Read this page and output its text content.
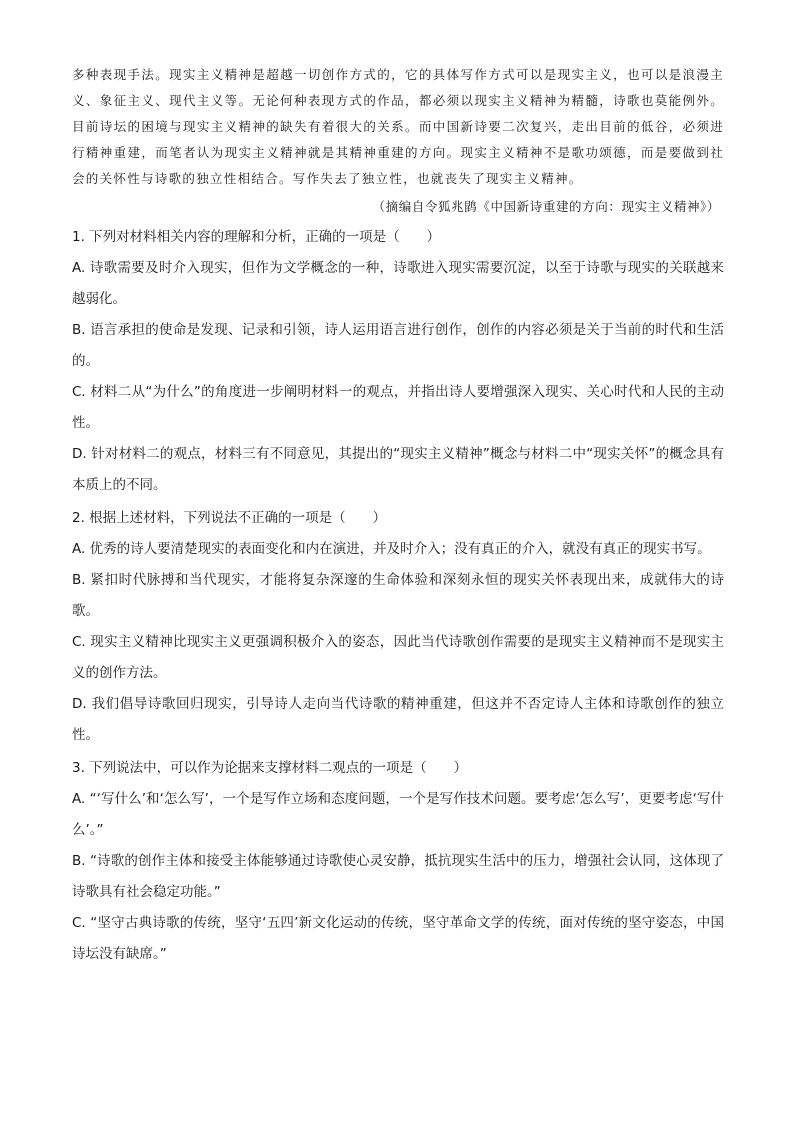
多种表现手法。现实主义精神是超越一切创作方式的，它的具体写作方式可以是现实主义，也可以是浪漫主义、象征主义、现代主义等。无论何种表现方式的作品，都必须以现实主义精神为精髓，诗歌也莫能例外。目前诗坛的困境与现实主义精神的缺失有着很大的关系。而中国新诗要二次复兴，走出目前的低谷，必须进行精神重建，而笔者认为现实主义精神就是其精神重建的方向。现实主义精神不是歌功颂德，而是要做到社会的关怀性与诗歌的独立性相结合。写作失去了独立性，也就丧失了现实主义精神。

（摘编自令狐兆鹍《中国新诗重建的方向：现实主义精神》）

1. 下列对材料相关内容的理解和分析，正确的一项是（　　）

A. 诗歌需要及时介入现实，但作为文学概念的一种，诗歌进入现实需要沉淀，以至于诗歌与现实的关联越来越弱化。

B. 语言承担的使命是发现、记录和引领，诗人运用语言进行创作，创作的内容必须是关于当前的时代和生活的。

C. 材料二从“为什么”的角度进一步阐明材料一的观点，并指出诗人要增强深入现实、关心时代和人民的主动性。

D. 针对材料二的观点，材料三有不同意见，其提出的“现实主义精神”概念与材料二中“现实关怀”的概念具有本质上的不同。

2. 根据上述材料，下列说法不正确的一项是（　　）

A. 优秀的诗人要清楚现实的表面变化和内在演进，并及时介入；没有真正的介入，就没有真正的现实书写。

B. 紧扣时代脉搏和当代现实，才能将复杂深邃的生命体验和深刻永恒的现实关怀表现出来，成就伟大的诗歌。

C. 现实主义精神比现实主义更强调积极介入的姿态，因此当代诗歌创作需要的是现实主义精神而不是现实主义的创作方法。

D. 我们倡导诗歌回归现实，引导诗人走向当代诗歌的精神重建，但这并不否定诗人主体和诗歌创作的独立性。

3. 下列说法中，可以作为论据来支撑材料二观点的一项是（　　）

A. “‘写什么’和‘怎么写’，一个是写作立场和态度问题，一个是写作技术问题。要考虑‘怎么写’，更要考虑‘写什么’。”

B. “诗歌的创作主体和接受主体能够通过诗歌使心灵安静，抵抗现实生活中的压力，增强社会认同，这体现了诗歌具有社会稳定功能。”

C. “坚守古典诗歌的传统，坚守‘五四’新文化运动的传统，坚守革命文学的传统，面对传统的坚守姿态，中国诗坛没有缺席。”
